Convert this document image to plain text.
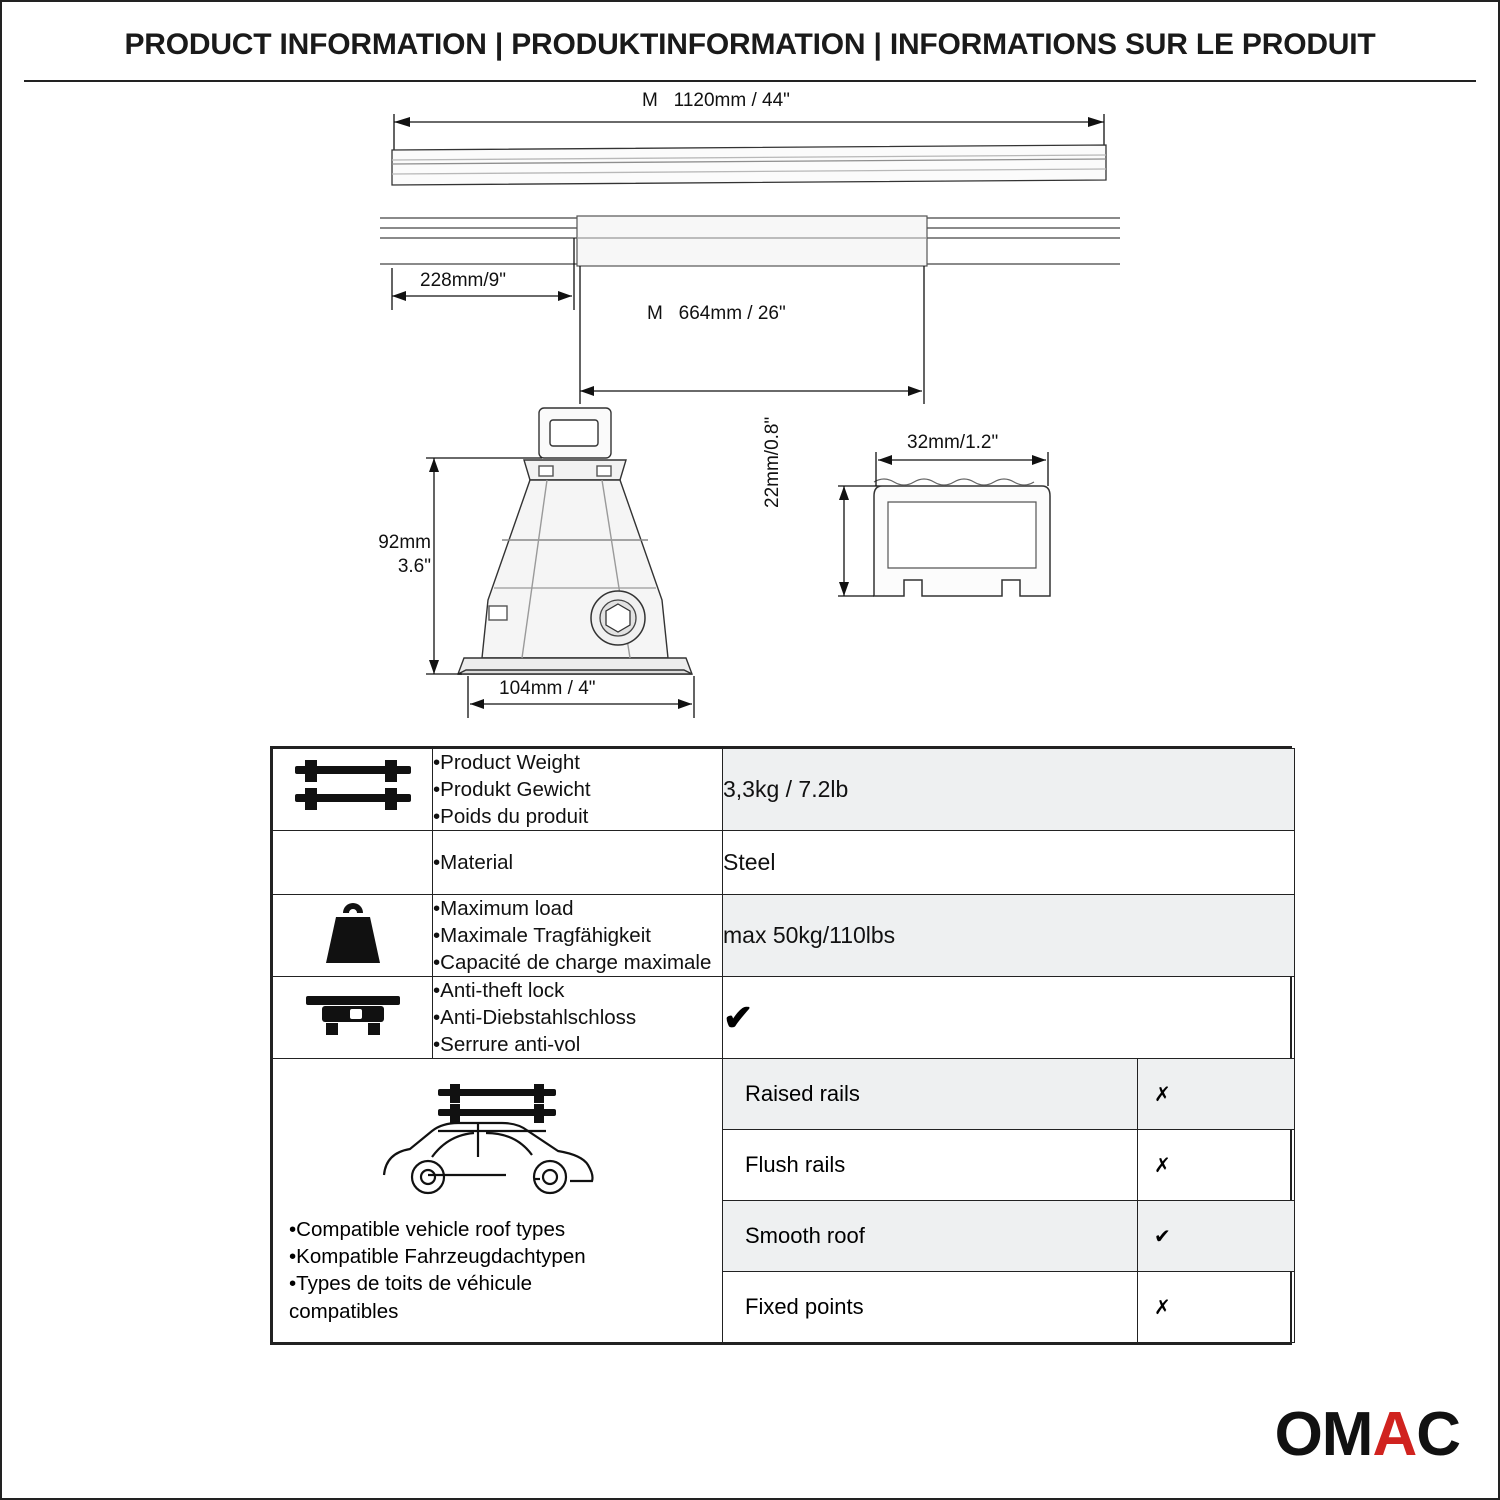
PRODUCT INFORMATION | PRODUKTINFORMATION | INFORMATIONS SUR LE PRODUIT
M 1120mm / 44"
228mm/9"
M 664mm / 26"
92mm
3.6"
104mm / 4"
32mm/1.2"
22mm/0.8"

•Product Weight
•Produkt Gewicht
•Poids du produit
	3,3kg / 7.2lb

•Material	Steel

•Maximum load
•Maximale Tragfähigkeit
•Capacité de charge maximale
	max 50kg/110lbs

•Anti-theft lock
•Anti-Diebstahlschloss
•Serrure anti-vol
	✔

•Compatible vehicle roof types
•Kompatible Fahrzeugdachtypen
•Types de toits de véhicule
compatibles

Raised rails	✗
Flush rails	✗
Smooth roof	✔
Fixed points	✗
OM A C
